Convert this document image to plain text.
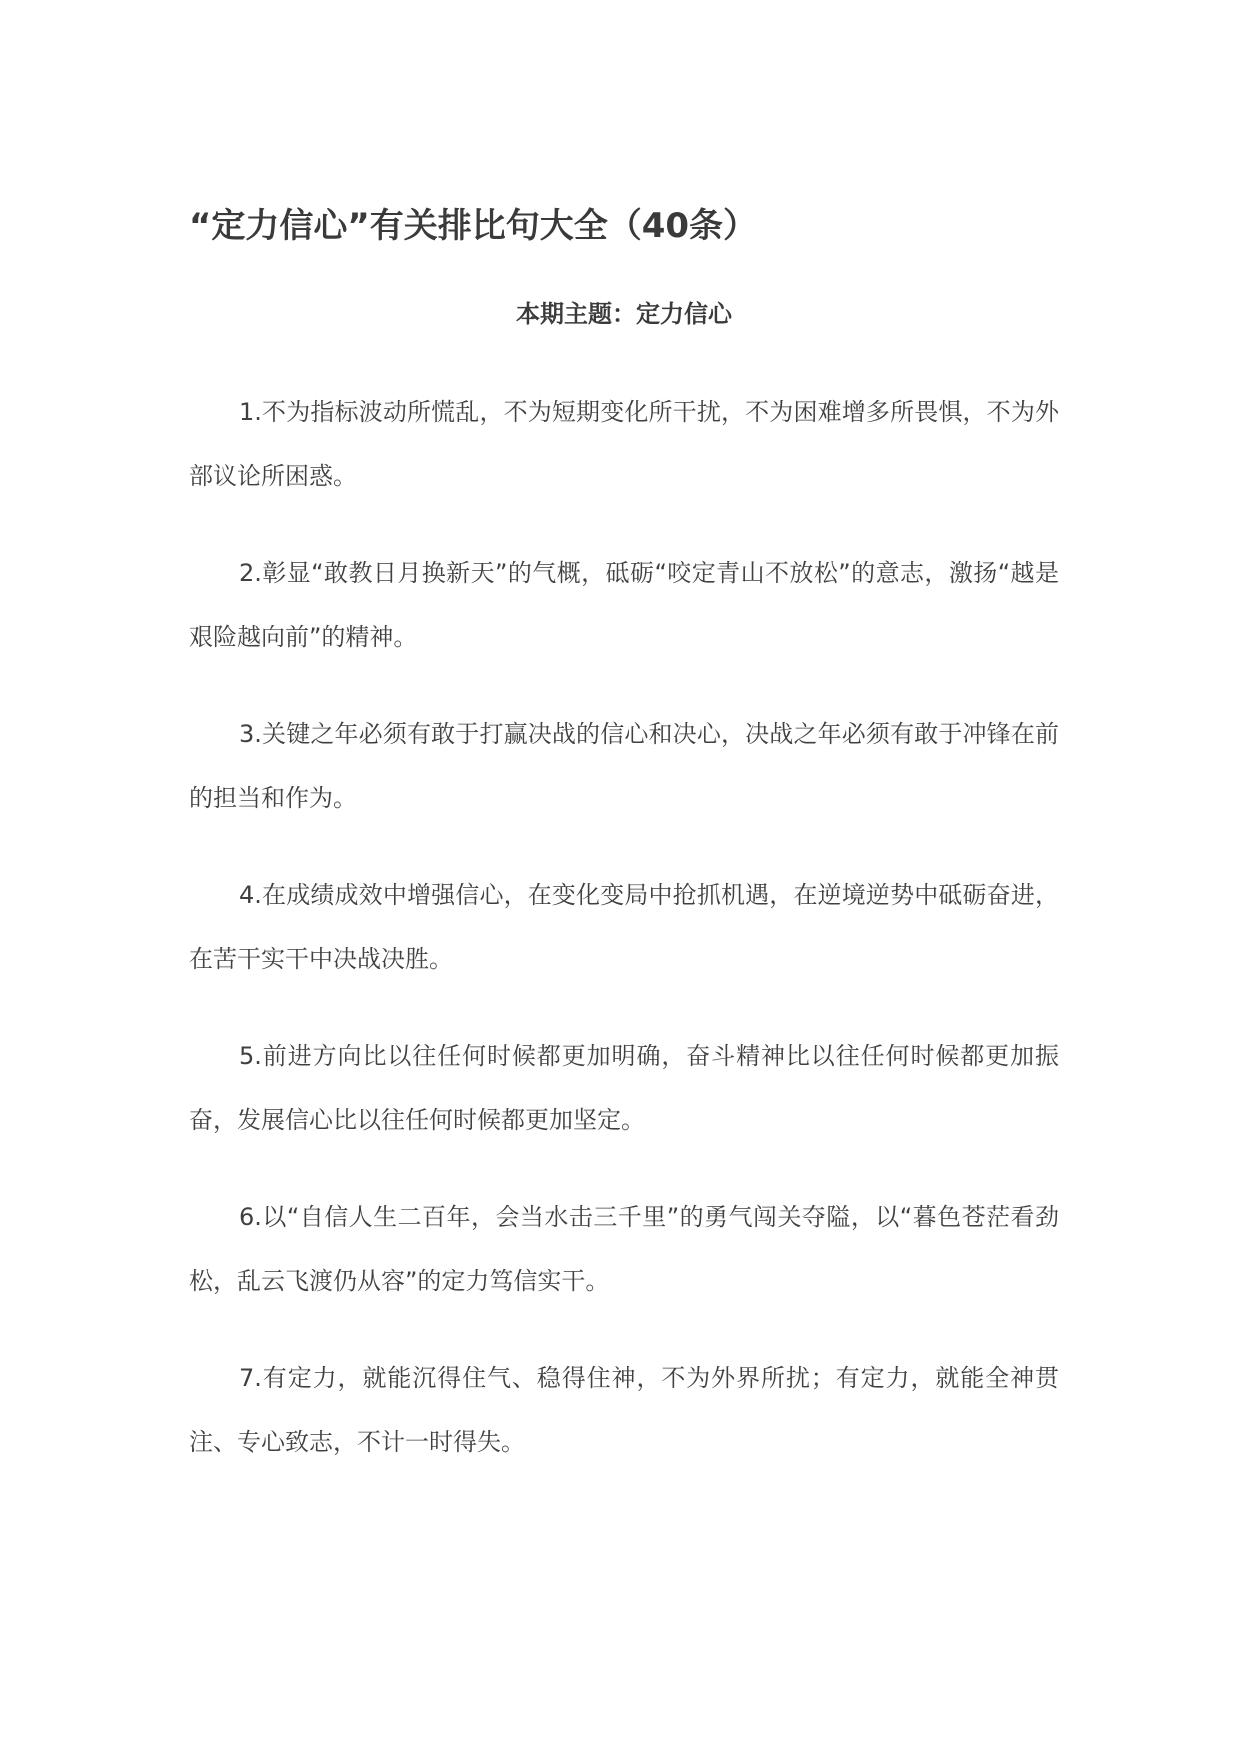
“定力信心”有关排比句大全（40条）
本期主题：定力信心

1.不为指标波动所慌乱，不为短期变化所干扰，不为困难增多所畏惧，不为外部议论所困惑。

2.彰显“敢教日月换新天”的气概，砥砺“咬定青山不放松”的意志，激扬“越是艰险越向前”的精神。

3.关键之年必须有敢于打赢决战的信心和决心，决战之年必须有敢于冲锋在前的担当和作为。

4.在成绩成效中增强信心，在变化变局中抢抓机遇，在逆境逆势中砥砺奋进，在苦干实干中决战决胜。

5.前进方向比以往任何时候都更加明确，奋斗精神比以往任何时候都更加振奋，发展信心比以往任何时候都更加坚定。

6.以“自信人生二百年，会当水击三千里”的勇气闯关夺隘，以“暮色苍茫看劲松，乱云飞渡仍从容”的定力笃信实干。

7.有定力，就能沉得住气、稳得住神，不为外界所扰；有定力，就能全神贯注、专心致志，不计一时得失。
